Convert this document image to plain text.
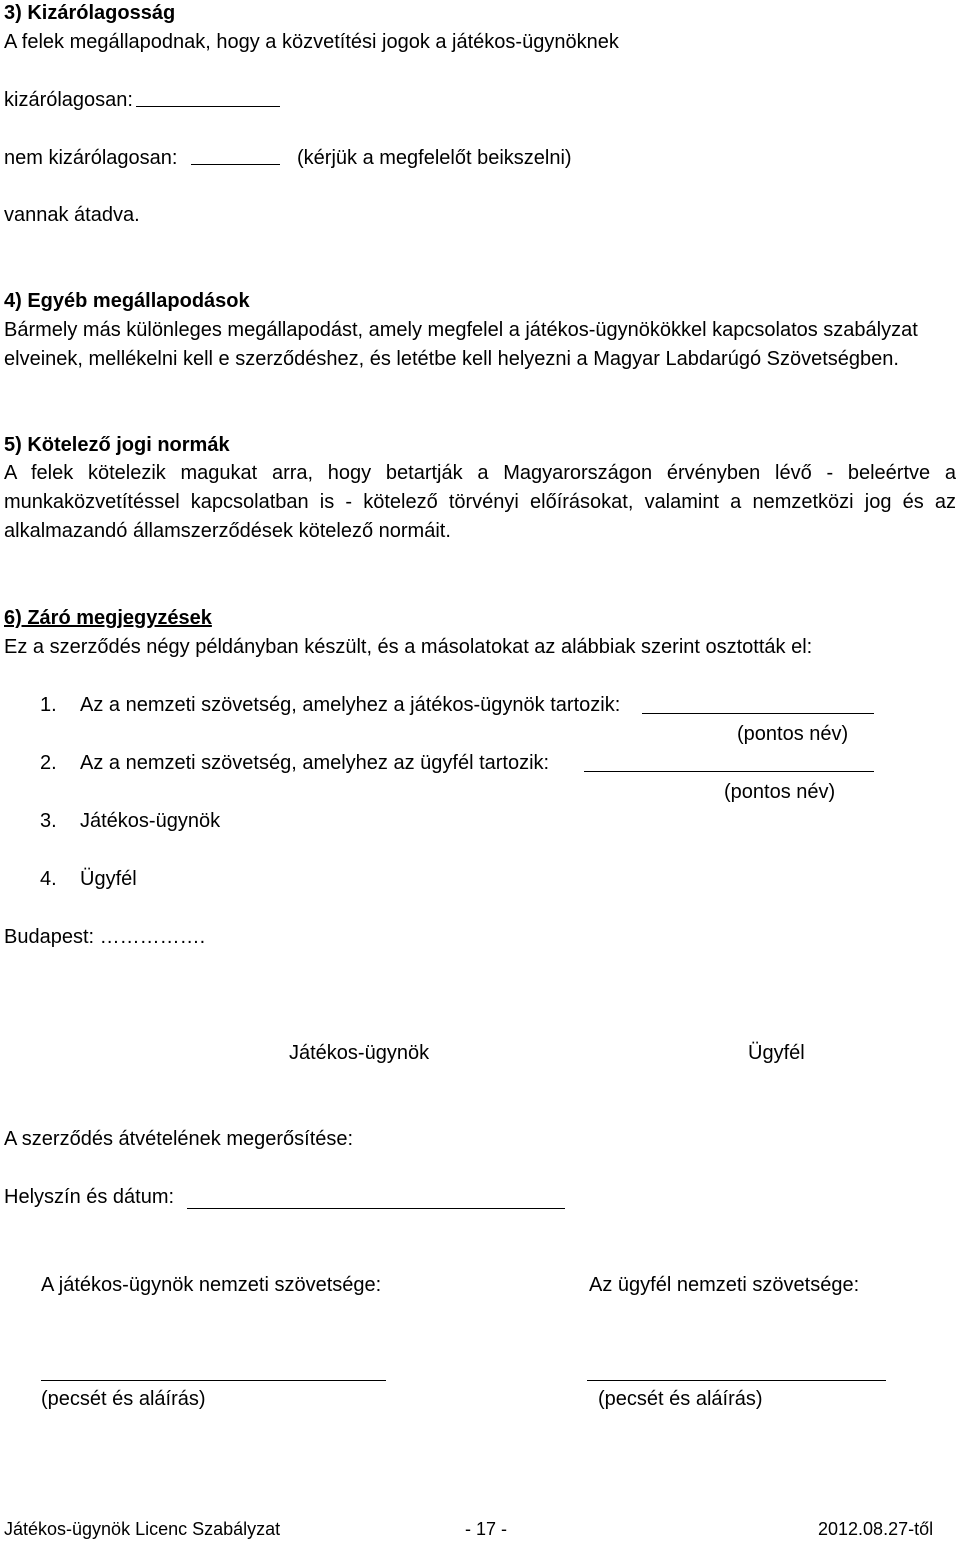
3) Kizárólagosság
A felek megállapodnak, hogy a közvetítési jogok a játékos-ügynöknek
kizárólagosan:
nem kizárólagosan:	(kérjük a megfelelőt beikszelni)
vannak átadva.
4) Egyéb megállapodások
Bármely más különleges megállapodást, amely megfelel a játékos-ügynökökkel kapcsolatos szabályzat
elveinek, mellékelni kell e szerződéshez, és letétbe kell helyezni a Magyar Labdarúgó Szövetségben.
5) Kötelező jogi normák
A felek kötelezik magukat arra, hogy betartják a Magyarországon érvényben lévő - beleértve a munkaközvetítéssel kapcsolatban is - kötelező törvényi előírásokat, valamint a nemzetközi jog és az alkalmazandó államszerződések kötelező normáit.
6) Záró megjegyzések
Ez a szerződés négy példányban készült, és a másolatokat az alábbiak szerint osztották el:
1. Az a nemzeti szövetség, amelyhez a játékos-ügynök tartozik:
(pontos név)
2. Az a nemzeti szövetség, amelyhez az ügyfél tartozik:
(pontos név)
3. Játékos-ügynök
4. Ügyfél
Budapest: …………….
Játékos-ügynök	Ügyfél
A szerződés átvételének megerősítése:
Helyszín és dátum:
A játékos-ügynök nemzeti szövetsége:	Az ügyfél nemzeti szövetsége:
(pecsét és aláírás)	(pecsét és aláírás)
Játékos-ügynök Licenc Szabályzat	- 17 -	2012.08.27-től
